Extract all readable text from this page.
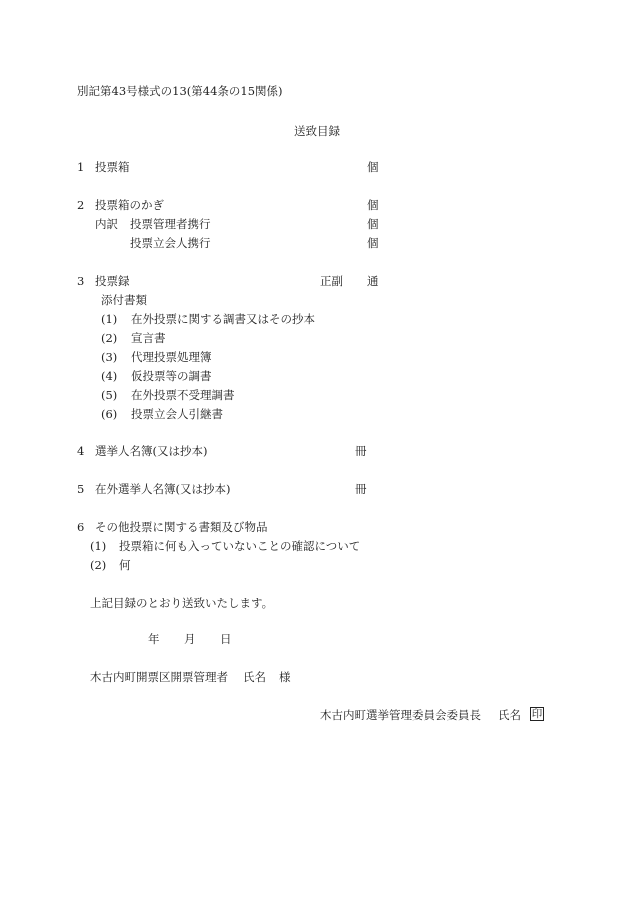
別記第43号様式の13(第44条の15関係)
送致目録
1 投票箱	個
2 投票箱のかぎ	個
内訳 投票管理者携行	個
投票立会人携行	個
3 投票録	正副 通
添付書類
(1) 在外投票に関する調書又はその抄本
(2) 宣言書
(3) 代理投票処理簿
(4) 仮投票等の調書
(5) 在外投票不受理調書
(6) 投票立会人引継書
4 選挙人名簿(又は抄本)	冊
5 在外選挙人名簿(又は抄本)	冊
6 その他投票に関する書類及び物品
(1) 投票箱に何も入っていないことの確認について
(2) 何
上記目録のとおり送致いたします。
年 月 日
木古内町開票区開票管理者 氏名 様
木古内町選挙管理委員会委員長 氏名 印
